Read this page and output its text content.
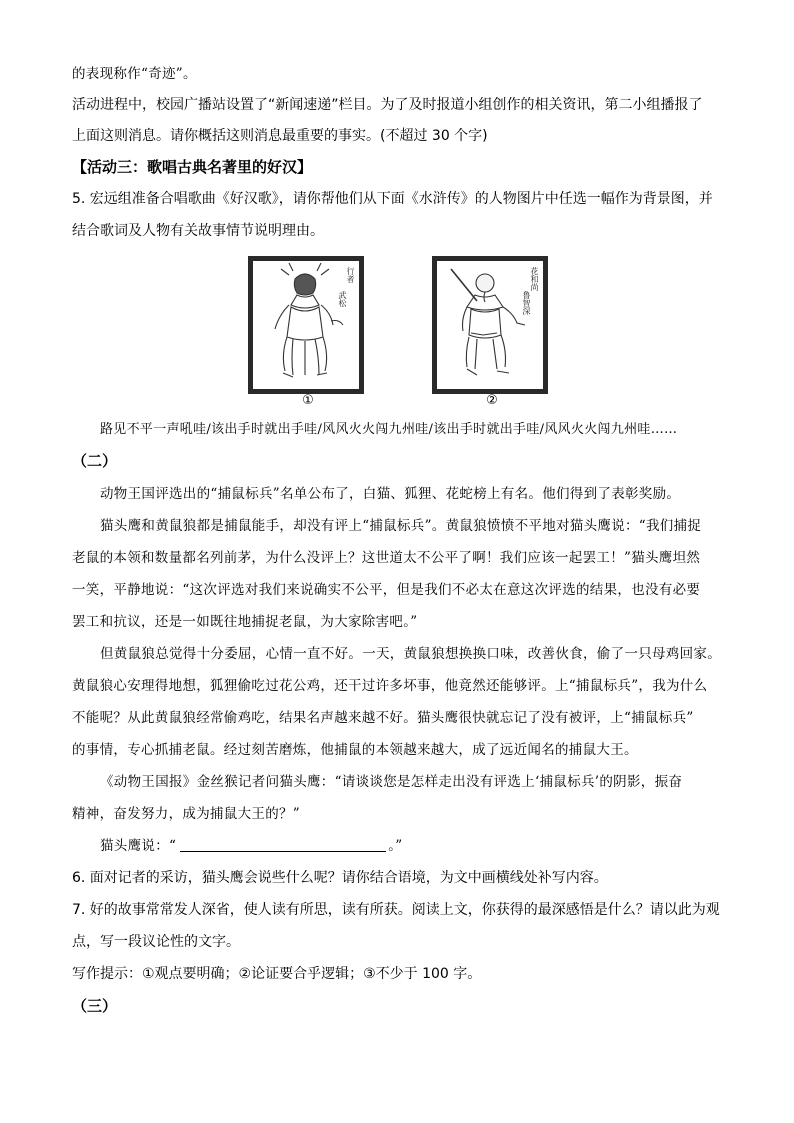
的表现称作“奇迹”。
活动进程中，校园广播站设置了“新闻速递”栏目。为了及时报道小组创作的相关资讯，第二小组播报了
上面这则消息。请你概括这则消息最重要的事实。(不超过 30 个字)
【活动三：歌唱古典名著里的好汉】
5. 宏远组准备合唱歌曲《好汉歌》，请你帮他们从下面《水浒传》的人物图片中任选一幅作为背景图，并
结合歌词及人物有关故事情节说明理由。
行者
武松
①
花和尚
鲁智深
②
路见不平一声吼哇/该出手时就出手哇/风风火火闯九州哇/该出手时就出手哇/风风火火闯九州哇……
（二）
动物王国评选出的“捕鼠标兵”名单公布了，白猫、狐狸、花蛇榜上有名。他们得到了表彰奖励。
猫头鹰和黄鼠狼都是捕鼠能手，却没有评上“捕鼠标兵”。黄鼠狼愤愤不平地对猫头鹰说：“我们捕捉
老鼠的本领和数量都名列前茅，为什么没评上？这世道太不公平了啊！我们应该一起罢工！”猫头鹰坦然
一笑，平静地说：“这次评选对我们来说确实不公平，但是我们不必太在意这次评选的结果，也没有必要
罢工和抗议，还是一如既往地捕捉老鼠，为大家除害吧。”
但黄鼠狼总觉得十分委屈，心情一直不好。一天，黄鼠狼想换换口味，改善伙食，偷了一只母鸡回家。
黄鼠狼心安理得地想，狐狸偷吃过花公鸡，还干过许多坏事，他竟然还能够评。上“捕鼠标兵”，我为什么
不能呢？从此黄鼠狼经常偷鸡吃，结果名声越来越不好。猫头鹰很快就忘记了没有被评，上“捕鼠标兵”
的事情，专心抓捕老鼠。经过刻苦磨炼，他捕鼠的本领越来越大，成了远近闻名的捕鼠大王。
《动物王国报》金丝猴记者问猫头鹰：“请谈谈您是怎样走出没有评选上‘捕鼠标兵’的阴影，振奋
精神，奋发努力，成为捕鼠大王的？”
猫头鹰说：“	。”
6. 面对记者的采访，猫头鹰会说些什么呢？请你结合语境，为文中画横线处补写内容。
7. 好的故事常常发人深省，使人读有所思，读有所获。阅读上文，你获得的最深感悟是什么？请以此为观
点，写一段议论性的文字。
写作提示：①观点要明确；②论证要合乎逻辑；③不少于 100 字。
（三）
